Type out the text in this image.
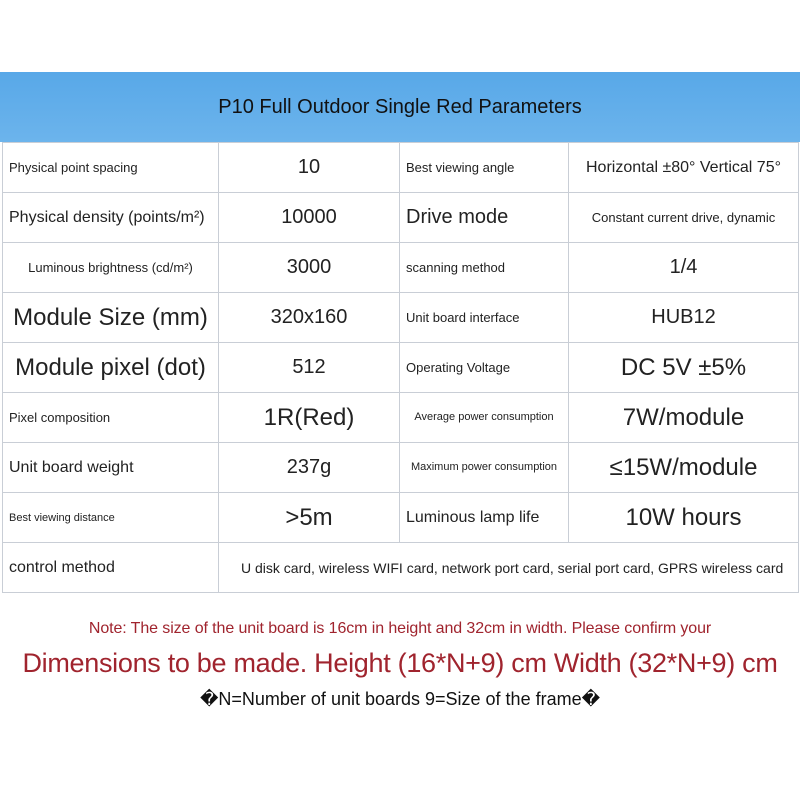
P10 Full Outdoor Single Red Parameters
Physical point spacing	10	Best viewing angle	Horizontal ±80° Vertical 75°
Physical density (points/m²)	10000	Drive mode	Constant current drive, dynamic
Luminous brightness (cd/m²)	3000	scanning method	1/4
Module Size (mm)	320x160	Unit board interface	HUB12
Module pixel (dot)	512	Operating Voltage	DC 5V ±5%
Pixel composition	1R(Red)	Average power consumption	7W/module
Unit board weight	237g	Maximum power consumption	≤15W/module
Best viewing distance	>5m	Luminous lamp life	10W hours
control method	U disk card, wireless WIFI card, network port card, serial port card, GPRS wireless card		
Note: The size of the unit board is 16cm in height and 32cm in width. Please confirm your
Dimensions to be made. Height (16*N+9) cm Width (32*N+9) cm
�N=Number of unit boards 9=Size of the frame�
